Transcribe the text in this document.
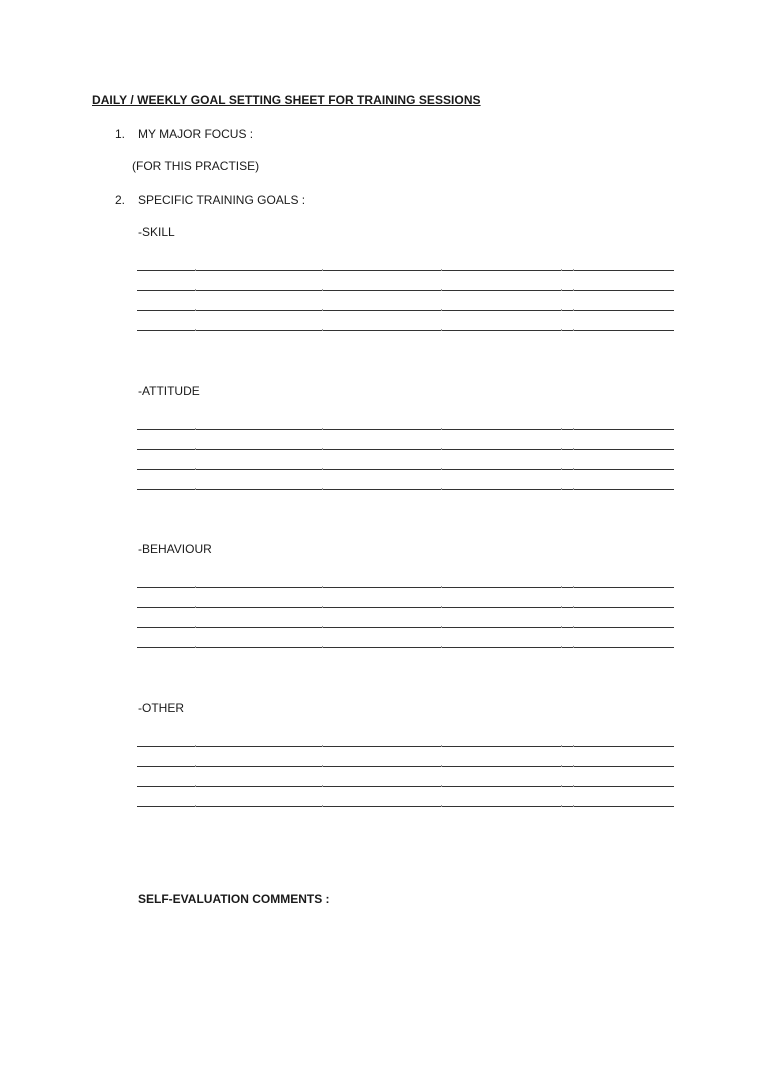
DAILY / WEEKLY GOAL SETTING SHEET FOR TRAINING SESSIONS
1. MY MAJOR FOCUS :
(FOR THIS PRACTISE)
2. SPECIFIC TRAINING GOALS :
-SKILL
-ATTITUDE
-BEHAVIOUR
-OTHER
SELF-EVALUATION COMMENTS :
